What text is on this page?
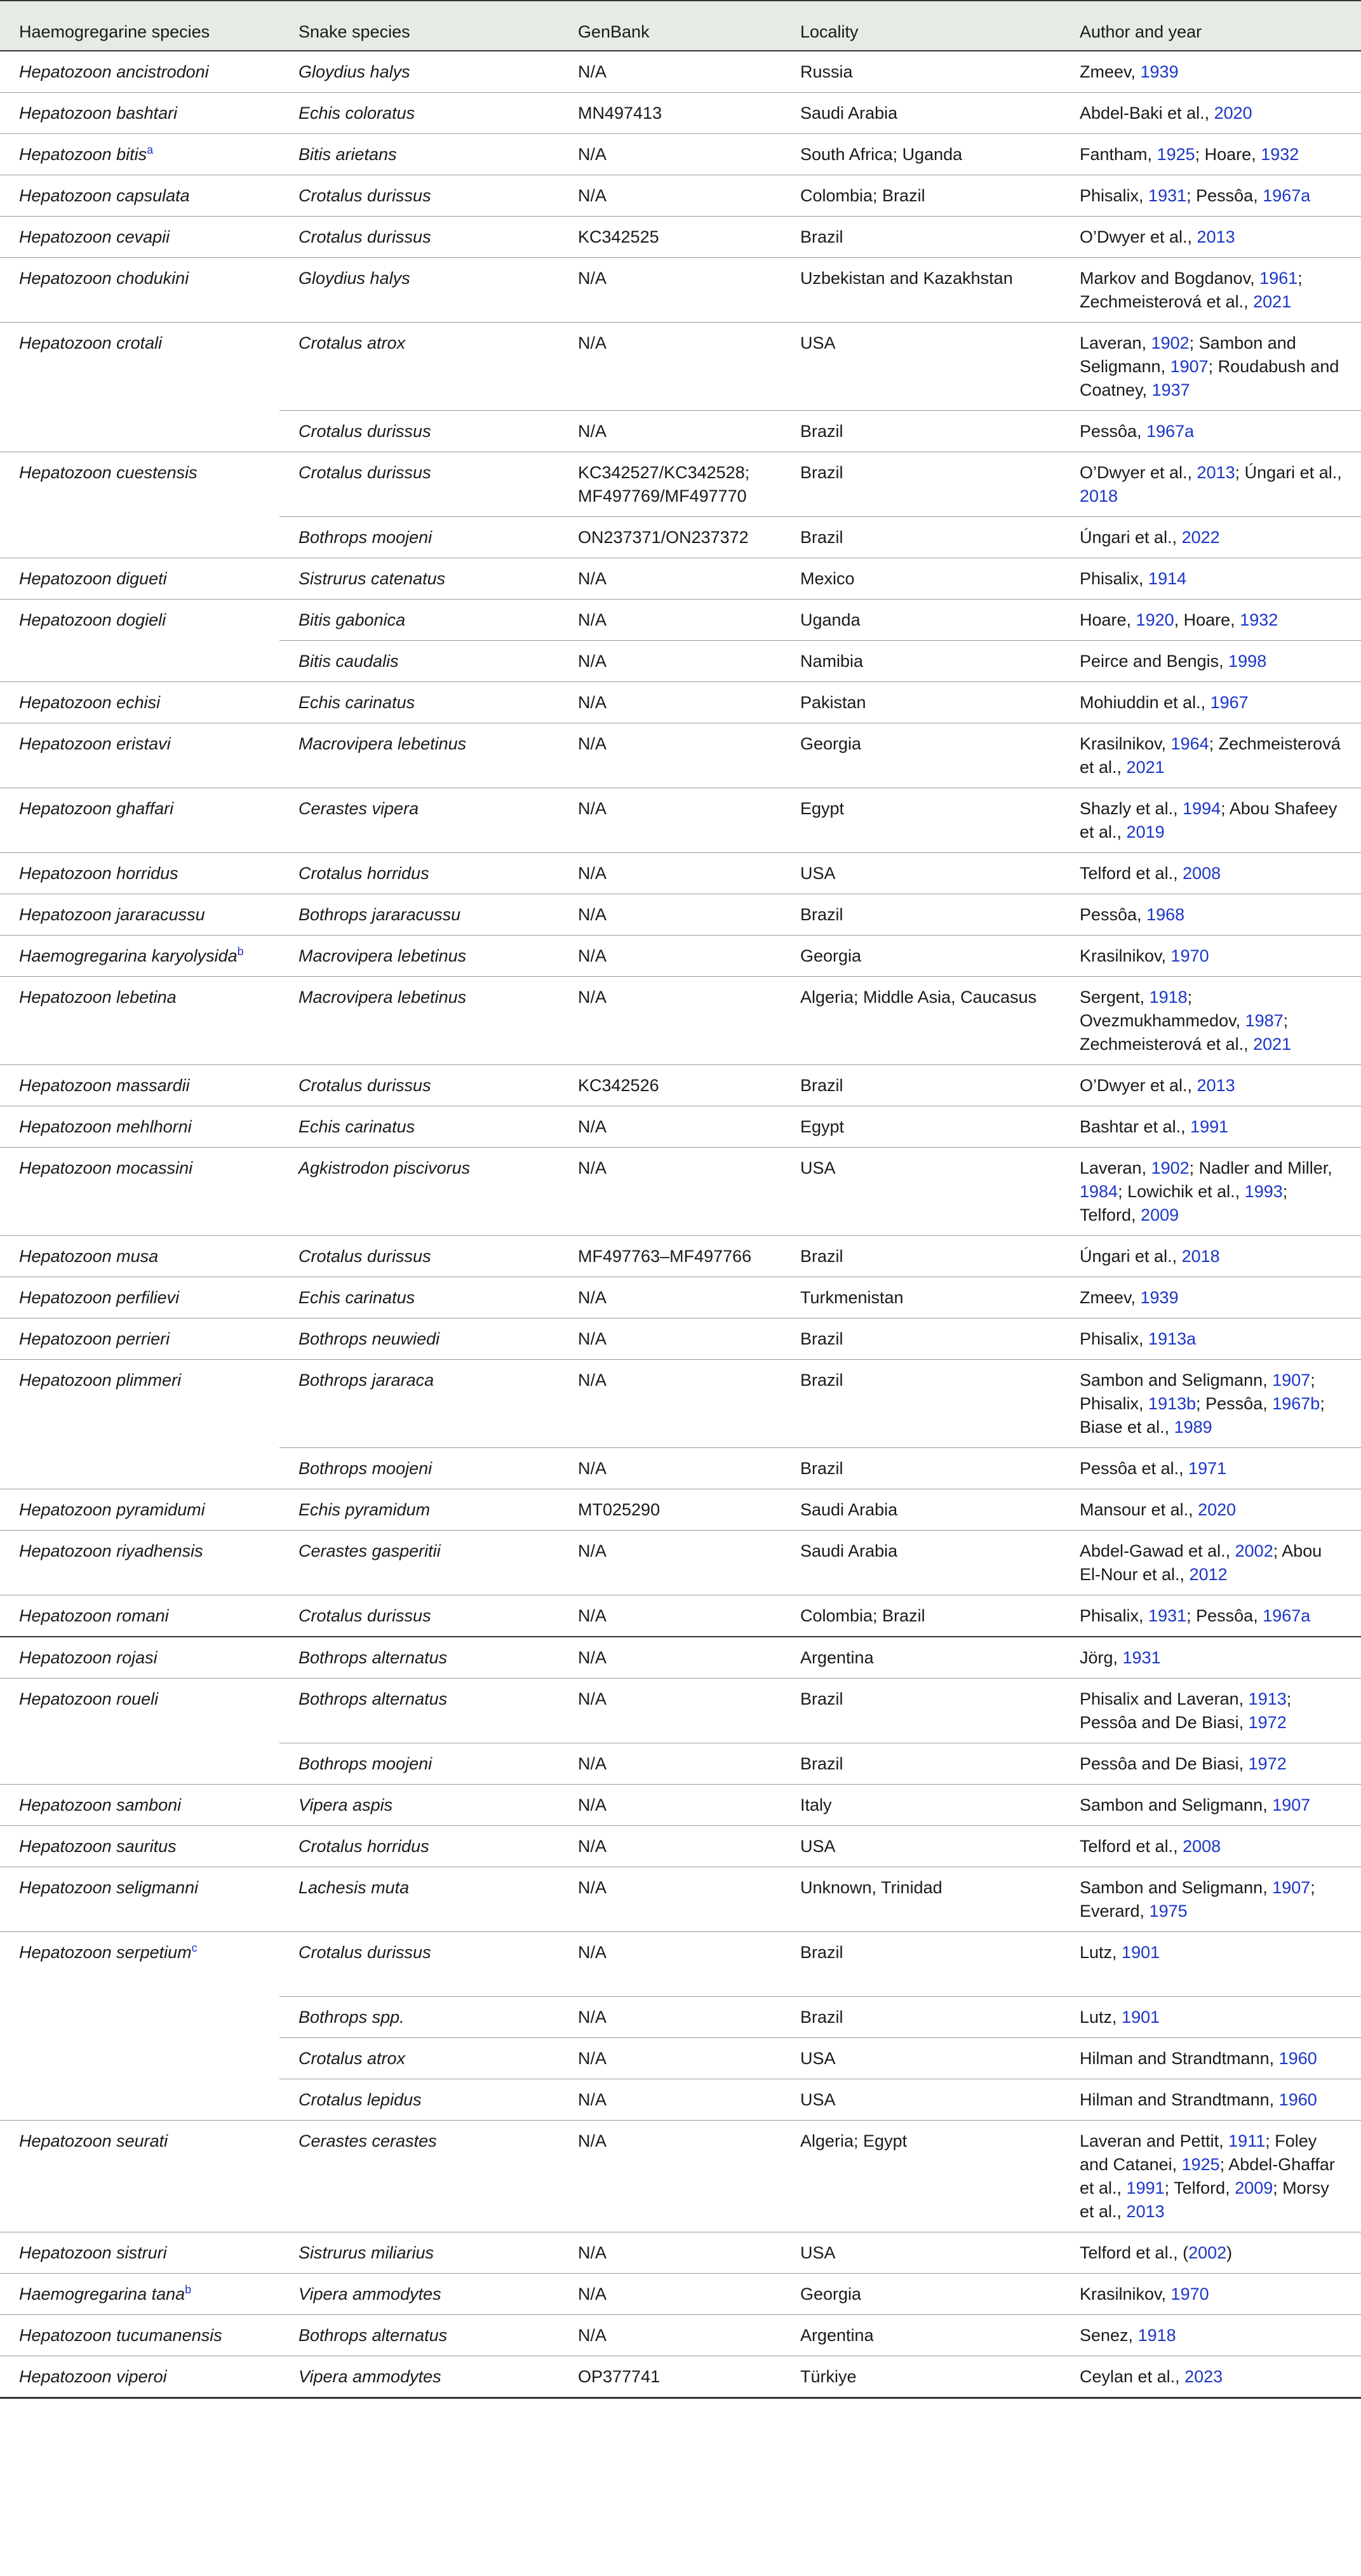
Haemogregarine species	Snake species	GenBank	Locality	Author and year
Hepatozoon ancistrodoni	Gloydius halys	N/A	Russia	Zmeev, 1939
Hepatozoon bashtari	Echis coloratus	MN497413	Saudi Arabia	Abdel-Baki et al., 2020
Hepatozoon bitis$^a$	Bitis arietans	N/A	South Africa; Uganda	Fantham, 1925; Hoare, 1932
Hepatozoon capsulata	Crotalus durissus	N/A	Colombia; Brazil	Phisalix, 1931; Pessôa, 1967a
Hepatozoon cevapii	Crotalus durissus	KC342525	Brazil	O’Dwyer et al., 2013
Hepatozoon chodukini	Gloydius halys	N/A	Uzbekistan and Kazakhstan	Markov and Bogdanov, 1961; Zechmeisterová et al., 2021
Hepatozoon crotali	Crotalus atrox	N/A	USA	Laveran, 1902; Sambon and Seligmann, 1907; Roudabush and Coatney, 1937
	Crotalus durissus	N/A	Brazil	Pessôa, 1967a
Hepatozoon cuestensis	Crotalus durissus	KC342527/KC342528; MF497769/MF497770	Brazil	O’Dwyer et al., 2013; Úngari et al., 2018
	Bothrops moojeni	ON237371/ON237372	Brazil	Úngari et al., 2022
Hepatozoon digueti	Sistrurus catenatus	N/A	Mexico	Phisalix, 1914
Hepatozoon dogieli	Bitis gabonica	N/A	Uganda	Hoare, 1920, Hoare, 1932
	Bitis caudalis	N/A	Namibia	Peirce and Bengis, 1998
Hepatozoon echisi	Echis carinatus	N/A	Pakistan	Mohiuddin et al., 1967
Hepatozoon eristavi	Macrovipera lebetinus	N/A	Georgia	Krasilnikov, 1964; Zechmeisterová et al., 2021
Hepatozoon ghaffari	Cerastes vipera	N/A	Egypt	Shazly et al., 1994; Abou Shafeey et al., 2019
Hepatozoon horridus	Crotalus horridus	N/A	USA	Telford et al., 2008
Hepatozoon jararacussu	Bothrops jararacussu	N/A	Brazil	Pessôa, 1968
Haemogregarina karyolysida$^b$	Macrovipera lebetinus	N/A	Georgia	Krasilnikov, 1970
Hepatozoon lebetina	Macrovipera lebetinus	N/A	Algeria; Middle Asia, Caucasus	Sergent, 1918; Ovezmukhammedov, 1987; Zechmeisterová et al., 2021
Hepatozoon massardii	Crotalus durissus	KC342526	Brazil	O’Dwyer et al., 2013
Hepatozoon mehlhorni	Echis carinatus	N/A	Egypt	Bashtar et al., 1991
Hepatozoon mocassini	Agkistrodon piscivorus	N/A	USA	Laveran, 1902; Nadler and Miller, 1984; Lowichik et al., 1993; Telford, 2009
Hepatozoon musa	Crotalus durissus	MF497763–MF497766	Brazil	Úngari et al., 2018
Hepatozoon perfilievi	Echis carinatus	N/A	Turkmenistan	Zmeev, 1939
Hepatozoon perrieri	Bothrops neuwiedi	N/A	Brazil	Phisalix, 1913a
Hepatozoon plimmeri	Bothrops jararaca	N/A	Brazil	Sambon and Seligmann, 1907; Phisalix, 1913b; Pessôa, 1967b; Biase et al., 1989
	Bothrops moojeni	N/A	Brazil	Pessôa et al., 1971
Hepatozoon pyramidumi	Echis pyramidum	MT025290	Saudi Arabia	Mansour et al., 2020
Hepatozoon riyadhensis	Cerastes gasperitii	N/A	Saudi Arabia	Abdel-Gawad et al., 2002; Abou El-Nour et al., 2012
Hepatozoon romani	Crotalus durissus	N/A	Colombia; Brazil	Phisalix, 1931; Pessôa, 1967a
Hepatozoon rojasi	Bothrops alternatus	N/A	Argentina	Jörg, 1931
Hepatozoon roueli	Bothrops alternatus	N/A	Brazil	Phisalix and Laveran, 1913; Pessôa and De Biasi, 1972
	Bothrops moojeni	N/A	Brazil	Pessôa and De Biasi, 1972
Hepatozoon samboni	Vipera aspis	N/A	Italy	Sambon and Seligmann, 1907
Hepatozoon sauritus	Crotalus horridus	N/A	USA	Telford et al., 2008
Hepatozoon seligmanni	Lachesis muta	N/A	Unknown, Trinidad	Sambon and Seligmann, 1907; Everard, 1975
Hepatozoon serpetium$^c$	Crotalus durissus	N/A	Brazil	Lutz, 1901
	Bothrops spp.	N/A	Brazil	Lutz, 1901
	Crotalus atrox	N/A	USA	Hilman and Strandtmann, 1960
	Crotalus lepidus	N/A	USA	Hilman and Strandtmann, 1960
Hepatozoon seurati	Cerastes cerastes	N/A	Algeria; Egypt	Laveran and Pettit, 1911; Foley and Catanei, 1925; Abdel-Ghaffar et al., 1991; Telford, 2009; Morsy et al., 2013
Hepatozoon sistruri	Sistrurus miliarius	N/A	USA	Telford et al., (2002)
Haemogregarina tana$^b$	Vipera ammodytes	N/A	Georgia	Krasilnikov, 1970
Hepatozoon tucumanensis	Bothrops alternatus	N/A	Argentina	Senez, 1918
Hepatozoon viperoi	Vipera ammodytes	OP377741	Türkiye	Ceylan et al., 2023
